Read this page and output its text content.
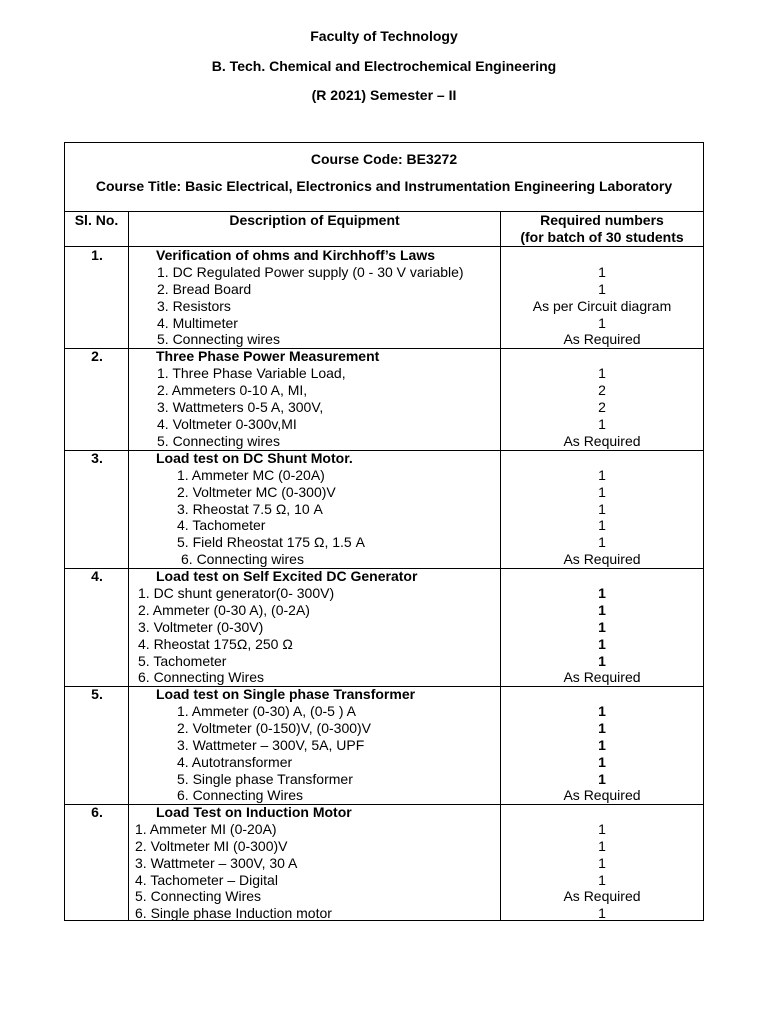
Faculty of Technology
B. Tech. Chemical and Electrochemical Engineering
(R 2021) Semester – II
Course Code: BE3272
Course Title: Basic Electrical, Electronics and Instrumentation Engineering Laboratory
Sl. No.	Description of Equipment	Required numbers
(for batch of 30 students
1.	Verification of ohms and Kirchhoff’s Laws
1. DC Regulated Power supply (0 - 30 V variable)	1
2. Bread Board	1
3. Resistors	As per Circuit diagram
4. Multimeter	1
5. Connecting wires	As Required
2.	Three Phase Power Measurement
1. Three Phase Variable Load,	1
2. Ammeters 0-10 A, MI,	2
3. Wattmeters 0-5 A, 300V,	2
4. Voltmeter 0-300v,MI	1
5. Connecting wires	As Required
3.	Load test on DC Shunt Motor.
1. Ammeter MC (0-20A)	1
2. Voltmeter MC (0-300)V	1
3. Rheostat 7.5 Ω, 10 A	1
4. Tachometer	1
5. Field Rheostat 175 Ω, 1.5 A	1
6. Connecting wires	As Required
4.	Load test on Self Excited DC Generator
1. DC shunt generator(0- 300V)	1
2. Ammeter (0-30 A), (0-2A)	1
3. Voltmeter (0-30V)	1
4. Rheostat 175Ω, 250 Ω	1
5. Tachometer	1
6. Connecting Wires	As Required
5.	Load test on Single phase Transformer
1. Ammeter (0-30) A, (0-5 ) A	1
2. Voltmeter (0-150)V, (0-300)V	1
3. Wattmeter – 300V, 5A, UPF	1
4. Autotransformer	1
5. Single phase Transformer	1
6. Connecting Wires	As Required
6.	Load Test on Induction Motor
1. Ammeter MI (0-20A)	1
2. Voltmeter MI (0-300)V	1
3. Wattmeter – 300V, 30 A	1
4. Tachometer – Digital	1
5. Connecting Wires	As Required
6. Single phase Induction motor	1
